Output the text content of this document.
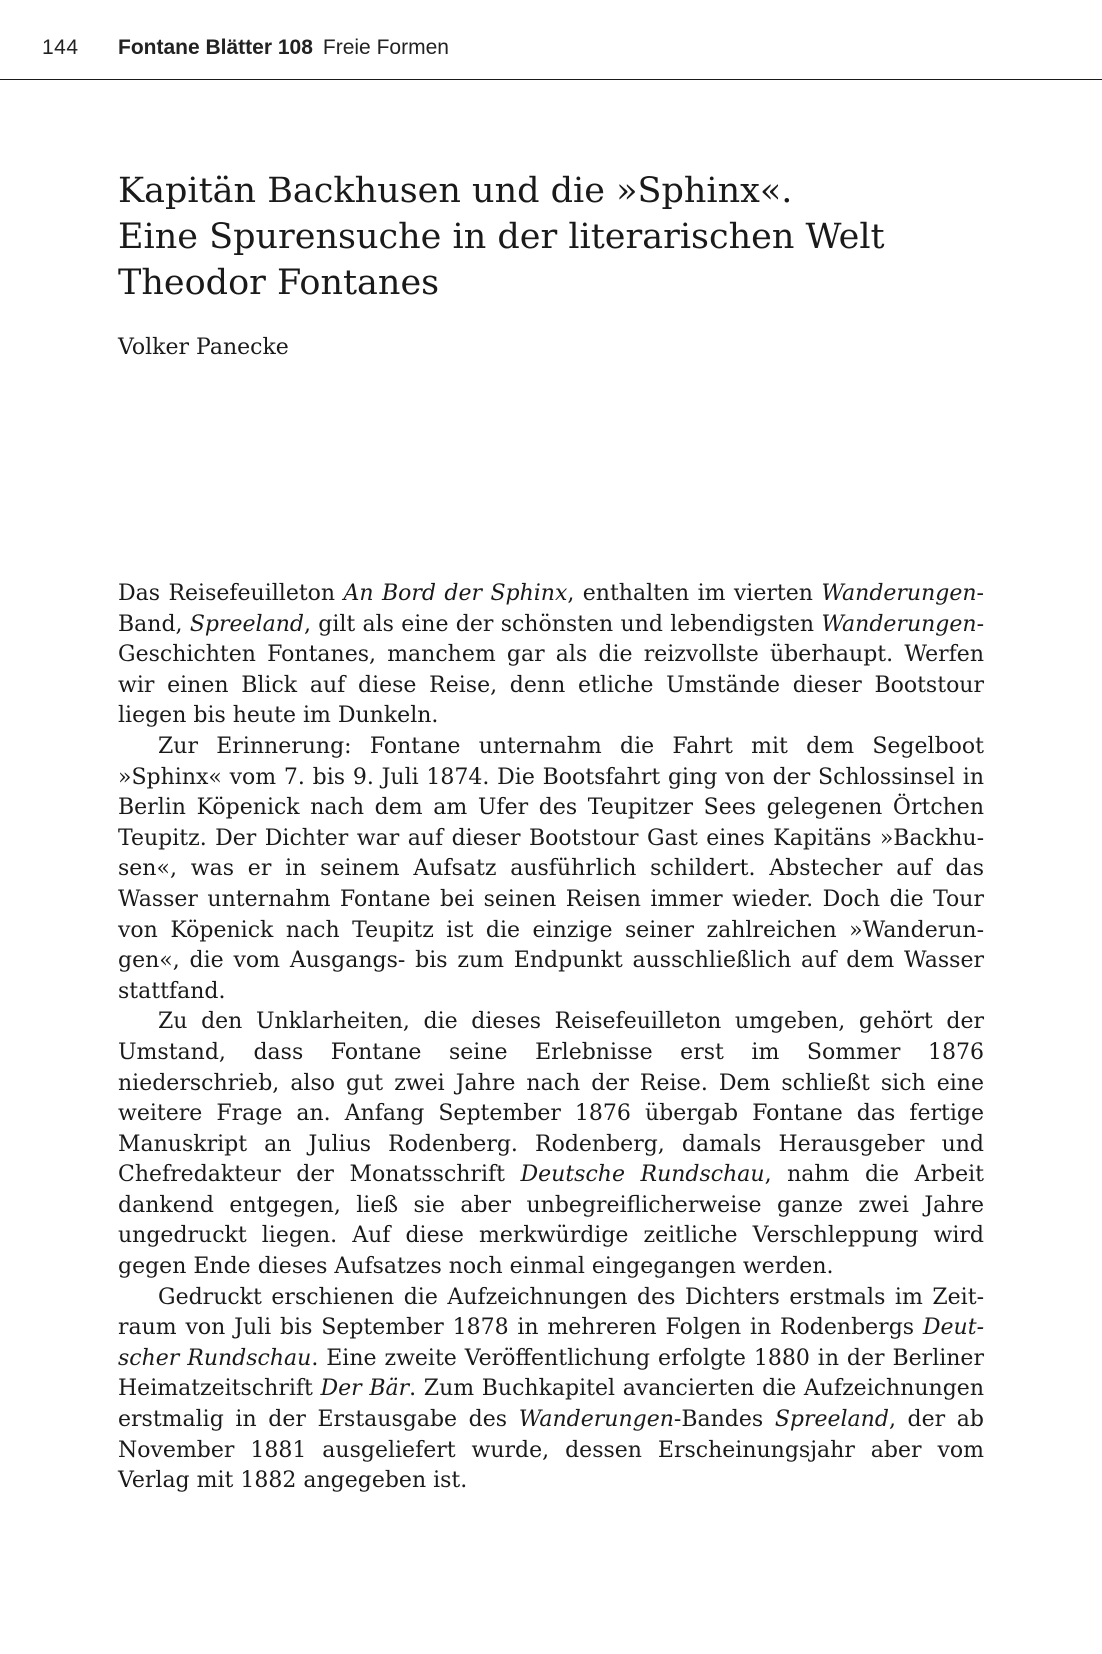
144 Fontane Blätter 108 Freie Formen
Kapitän Backhusen und die »Sphinx«.
Eine Spurensuche in der literarischen Welt
Theodor Fontanes
Volker Panecke

Das Reisefeuilleton An Bord der Sphinx, enthalten im vierten Wanderungen-Band, Spreeland, gilt als eine der schönsten und lebendigsten Wanderungen-Geschichten Fontanes, manchem gar als die reizvollste überhaupt. Werfen wir einen Blick auf diese Reise, denn etliche Umstände dieser Bootstour liegen bis heute im Dunkeln.

Zur Erinnerung: Fontane unternahm die Fahrt mit dem Segelboot »Sphinx« vom 7. bis 9. Juli 1874. Die Bootsfahrt ging von der Schlossinsel in Berlin Köpenick nach dem am Ufer des Teupitzer Sees gelegenen Örtchen Teupitz. Der Dichter war auf dieser Bootstour Gast eines Kapitäns »Backhusen«, was er in seinem Aufsatz ausführlich schildert. Abstecher auf das Wasser unternahm Fontane bei seinen Reisen immer wieder. Doch die Tour von Köpenick nach Teupitz ist die einzige seiner zahlreichen »Wanderungen«, die vom Ausgangs- bis zum Endpunkt ausschließlich auf dem Wasser stattfand.

Zu den Unklarheiten, die dieses Reisefeuilleton umgeben, gehört der Umstand, dass Fontane seine Erlebnisse erst im Sommer 1876 niederschrieb, also gut zwei Jahre nach der Reise. Dem schließt sich eine weitere Frage an. Anfang September 1876 übergab Fontane das fertige Manuskript an Julius Rodenberg. Rodenberg, damals Herausgeber und Chefredakteur der Monatsschrift Deutsche Rundschau, nahm die Arbeit dankend entgegen, ließ sie aber unbegreiflicherweise ganze zwei Jahre ungedruckt liegen. Auf diese merkwürdige zeitliche Verschleppung wird gegen Ende dieses Aufsatzes noch einmal eingegangen werden.

Gedruckt erschienen die Aufzeichnungen des Dichters erstmals im Zeitraum von Juli bis September 1878 in mehreren Folgen in Rodenbergs Deutscher Rundschau. Eine zweite Veröffentlichung erfolgte 1880 in der Berliner Heimatzeitschrift Der Bär. Zum Buchkapitel avancierten die Aufzeichnungen erstmalig in der Erstausgabe des Wanderungen-Bandes Spreeland, der ab November 1881 ausgeliefert wurde, dessen Erscheinungsjahr aber vom Verlag mit 1882 angegeben ist.
